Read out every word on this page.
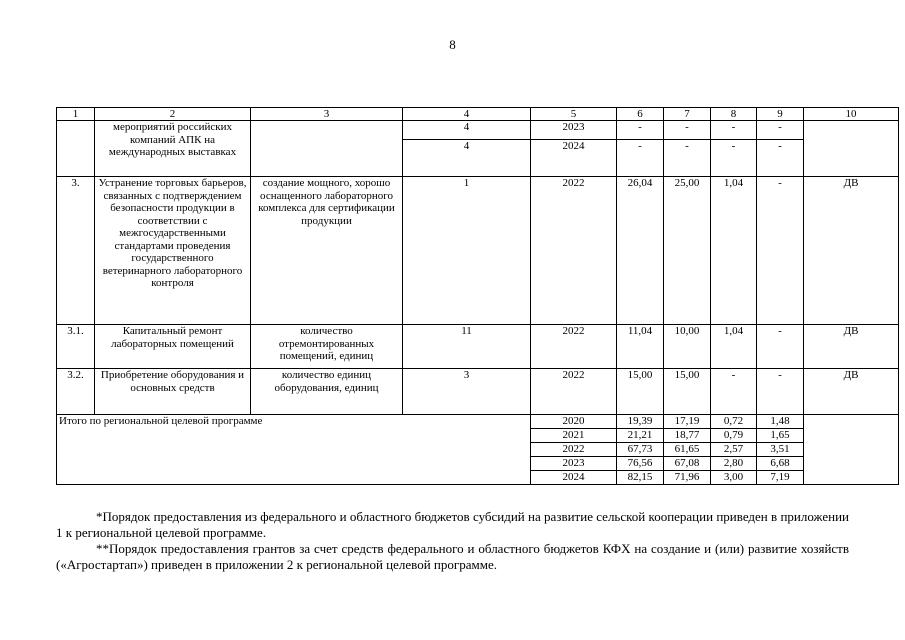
8
1	2	3	4	5	6	7	8	9	10
	мероприятий российских компаний АПК на международных выставках		4	2023	-	-	-	-	
			4	2024	-	-	-	-	
3.	Устранение торговых барьеров, связанных с подтверждением безопасности продукции в соответствии с межгосударственными стандартами проведения государственного ветеринарного лабораторного контроля	создание мощного, хорошо оснащенного лабораторного комплекса для сертификации продукции	1	2022	26,04	25,00	1,04	-	ДВ
3.1.	Капитальный ремонт лабораторных помещений	количество отремонтированных помещений, единиц	11	2022	11,04	10,00	1,04	-	ДВ
3.2.	Приобретение оборудования и основных средств	количество единиц оборудования, единиц	3	2022	15,00	15,00	-	-	ДВ
Итого по региональной целевой программе				2020	19,39	17,19	0,72	1,48	
				2021	21,21	18,77	0,79	1,65	
				2022	67,73	61,65	2,57	3,51	
				2023	76,56	67,08	2,80	6,68	
				2024	82,15	71,96	3,00	7,19	

*Порядок предоставления из федерального и областного бюджетов субсидий на развитие сельской кооперации приведен в приложении 1 к региональной целевой программе.

**Порядок предоставления грантов за счет средств федерального и областного бюджетов КФХ на создание и (или) развитие хозяйств («Агростартап») приведен в приложении 2 к региональной целевой программе.
